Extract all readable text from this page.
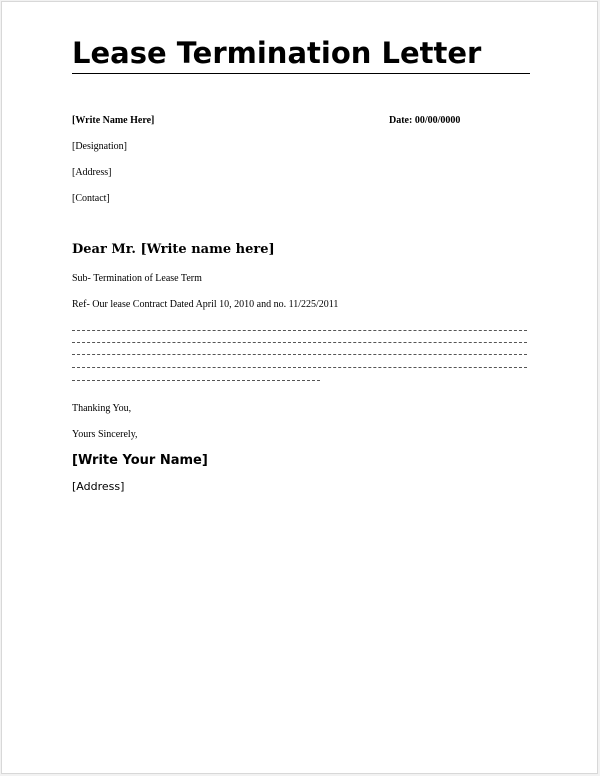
Lease Termination Letter
[Write Name Here]	Date: 00/00/0000
[Designation]
[Address]
[Contact]
Dear Mr. [Write name here]
Sub- Termination of Lease Term
Ref- Our lease Contract Dated April 10, 2010 and no. 11/225/2011
Thanking You,
Yours Sincerely,
[Write Your Name]
[Address]
